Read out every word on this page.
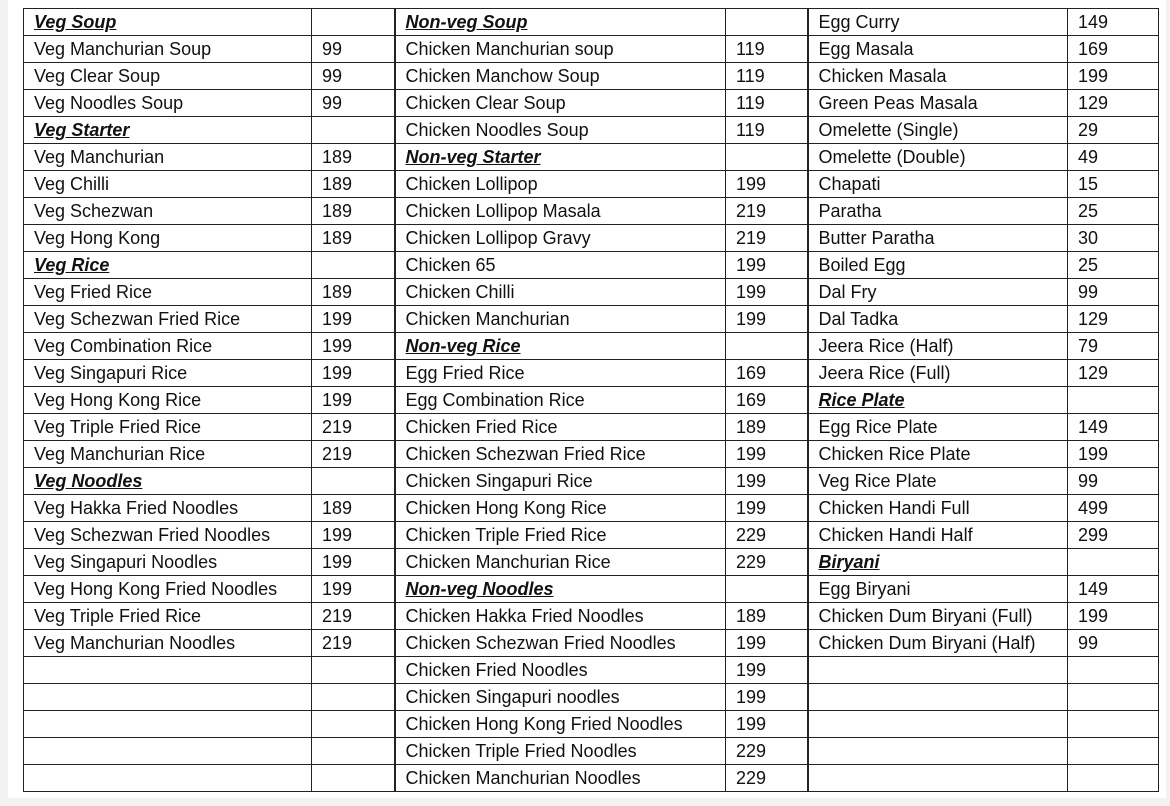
Veg Soup		Non-veg Soup		Egg Curry	149
Veg Manchurian Soup	99	Chicken Manchurian soup	119	Egg Masala	169
Veg Clear Soup	99	Chicken Manchow Soup	119	Chicken Masala	199
Veg Noodles Soup	99	Chicken Clear Soup	119	Green Peas Masala	129
Veg Starter		Chicken Noodles Soup	119	Omelette (Single)	29
Veg Manchurian	189	Non-veg Starter		Omelette (Double)	49
Veg Chilli	189	Chicken Lollipop	199	Chapati	15
Veg Schezwan	189	Chicken Lollipop Masala	219	Paratha	25
Veg Hong Kong	189	Chicken Lollipop Gravy	219	Butter Paratha	30
Veg Rice		Chicken 65	199	Boiled Egg	25
Veg Fried Rice	189	Chicken Chilli	199	Dal Fry	99
Veg Schezwan Fried Rice	199	Chicken Manchurian	199	Dal Tadka	129
Veg Combination Rice	199	Non-veg Rice		Jeera Rice (Half)	79
Veg Singapuri Rice	199	Egg Fried Rice	169	Jeera Rice (Full)	129
Veg Hong Kong Rice	199	Egg Combination Rice	169	Rice Plate	
Veg Triple Fried Rice	219	Chicken Fried Rice	189	Egg Rice Plate	149
Veg Manchurian Rice	219	Chicken Schezwan Fried Rice	199	Chicken Rice Plate	199
Veg Noodles		Chicken Singapuri Rice	199	Veg Rice Plate	99
Veg Hakka Fried Noodles	189	Chicken Hong Kong Rice	199	Chicken Handi Full	499
Veg Schezwan Fried Noodles	199	Chicken Triple Fried Rice	229	Chicken Handi Half	299
Veg Singapuri Noodles	199	Chicken Manchurian Rice	229	Biryani	
Veg Hong Kong Fried Noodles	199	Non-veg Noodles		Egg Biryani	149
Veg Triple Fried Rice	219	Chicken Hakka Fried Noodles	189	Chicken Dum Biryani (Full)	199
Veg Manchurian Noodles	219	Chicken Schezwan Fried Noodles	199	Chicken Dum Biryani (Half)	99
		Chicken Fried Noodles	199		
		Chicken Singapuri noodles	199		
		Chicken Hong Kong Fried Noodles	199		
		Chicken Triple Fried Noodles	229		
		Chicken Manchurian Noodles	229		
